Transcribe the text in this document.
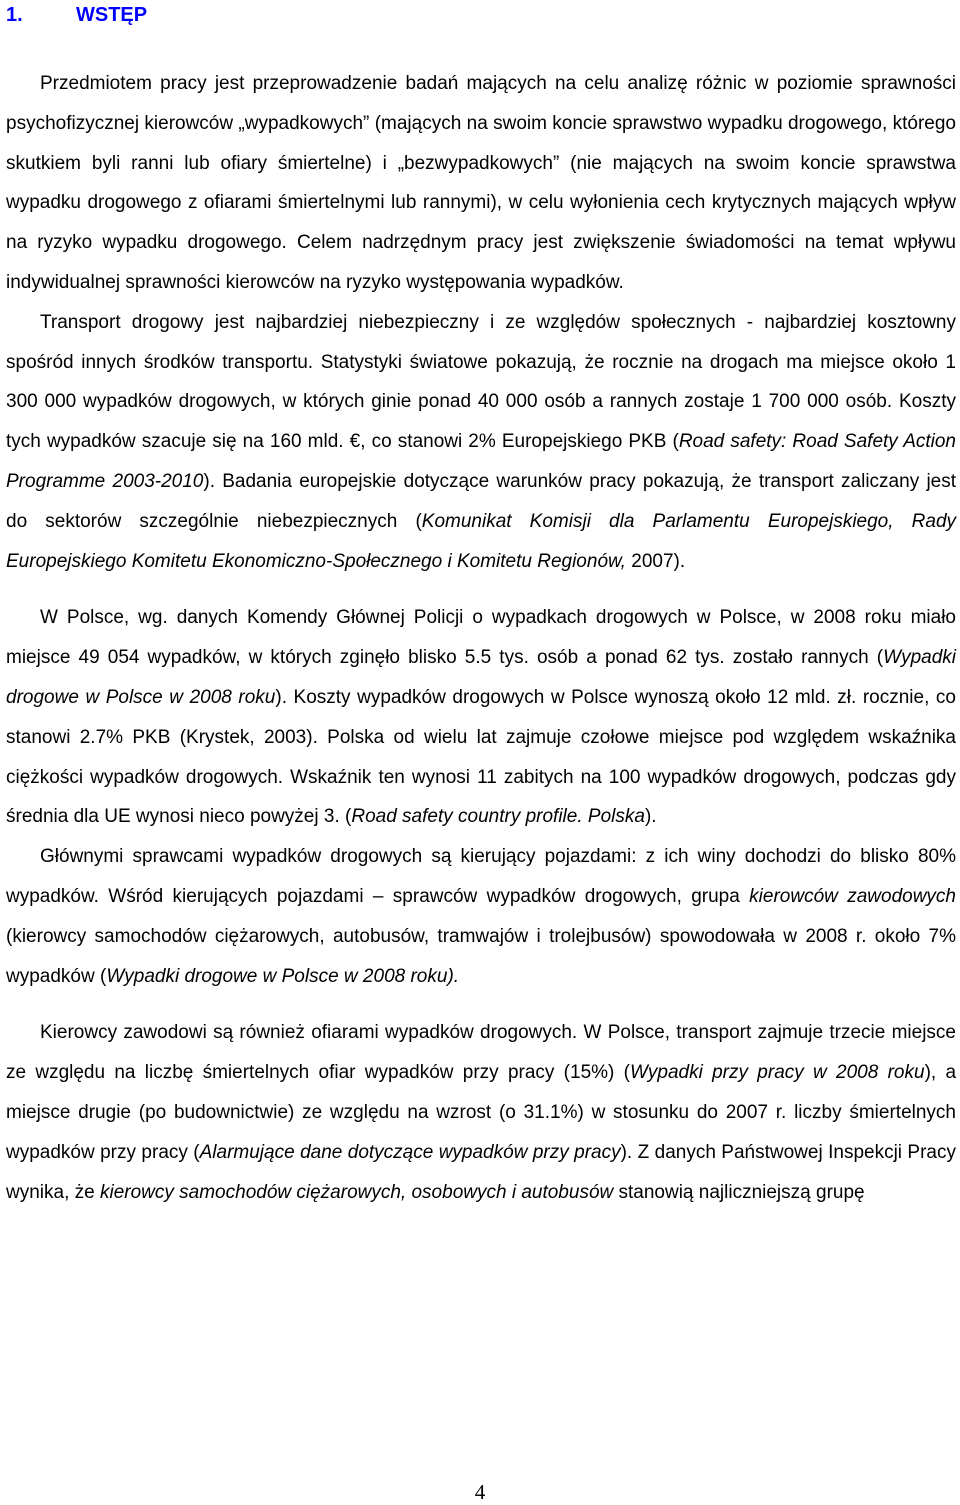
1.	WSTĘP

Przedmiotem pracy jest przeprowadzenie badań mających na celu analizę różnic w poziomie sprawności psychofizycznej kierowców „wypadkowych” (mających na swoim koncie sprawstwo wypadku drogowego, którego skutkiem byli ranni lub ofiary śmiertelne) i „bezwypadkowych” (nie mających na swoim koncie sprawstwa wypadku drogowego z ofiarami śmiertelnymi lub rannymi), w celu wyłonienia cech krytycznych mających wpływ na ryzyko wypadku drogowego. Celem nadrzędnym pracy jest zwiększenie świadomości na temat wpływu indywidualnej sprawności kierowców na ryzyko występowania wypadków.

Transport drogowy jest najbardziej niebezpieczny i ze względów społecznych - najbardziej kosztowny spośród innych środków transportu. Statystyki światowe pokazują, że rocznie na drogach ma miejsce około 1 300 000 wypadków drogowych, w których ginie ponad 40 000 osób a rannych zostaje 1 700 000 osób. Koszty tych wypadków szacuje się na 160 mld. €, co stanowi 2% Europejskiego PKB (Road safety: Road Safety Action Programme 2003-2010). Badania europejskie dotyczące warunków pracy pokazują, że transport zaliczany jest do sektorów szczególnie niebezpiecznych (Komunikat Komisji dla Parlamentu Europejskiego, Rady Europejskiego Komitetu Ekonomiczno-Społecznego i Komitetu Regionów, 2007).

W Polsce, wg. danych Komendy Głównej Policji o wypadkach drogowych w Polsce, w 2008 roku miało miejsce 49 054 wypadków, w których zginęło blisko 5.5 tys. osób a ponad 62 tys. zostało rannych (Wypadki drogowe w Polsce w 2008 roku). Koszty wypadków drogowych w Polsce wynoszą około 12 mld. zł. rocznie, co stanowi 2.7% PKB (Krystek, 2003). Polska od wielu lat zajmuje czołowe miejsce pod względem wskaźnika ciężkości wypadków drogowych. Wskaźnik ten wynosi 11 zabitych na 100 wypadków drogowych, podczas gdy średnia dla UE wynosi nieco powyżej 3. (Road safety country profile. Polska).

Głównymi sprawcami wypadków drogowych są kierujący pojazdami: z ich winy dochodzi do blisko 80% wypadków. Wśród kierujących pojazdami – sprawców wypadków drogowych, grupa kierowców zawodowych (kierowcy samochodów ciężarowych, autobusów, tramwajów i trolejbusów) spowodowała w 2008 r. około 7% wypadków (Wypadki drogowe w Polsce w 2008 roku).

Kierowcy zawodowi są również ofiarami wypadków drogowych. W Polsce, transport zajmuje trzecie miejsce ze względu na liczbę śmiertelnych ofiar wypadków przy pracy (15%) (Wypadki przy pracy w 2008 roku), a miejsce drugie (po budownictwie) ze względu na wzrost (o 31.1%) w stosunku do 2007 r. liczby śmiertelnych wypadków przy pracy (Alarmujące dane dotyczące wypadków przy pracy). Z danych Państwowej Inspekcji Pracy wynika, że kierowcy samochodów ciężarowych, osobowych i autobusów stanowią najliczniejszą grupę

4
